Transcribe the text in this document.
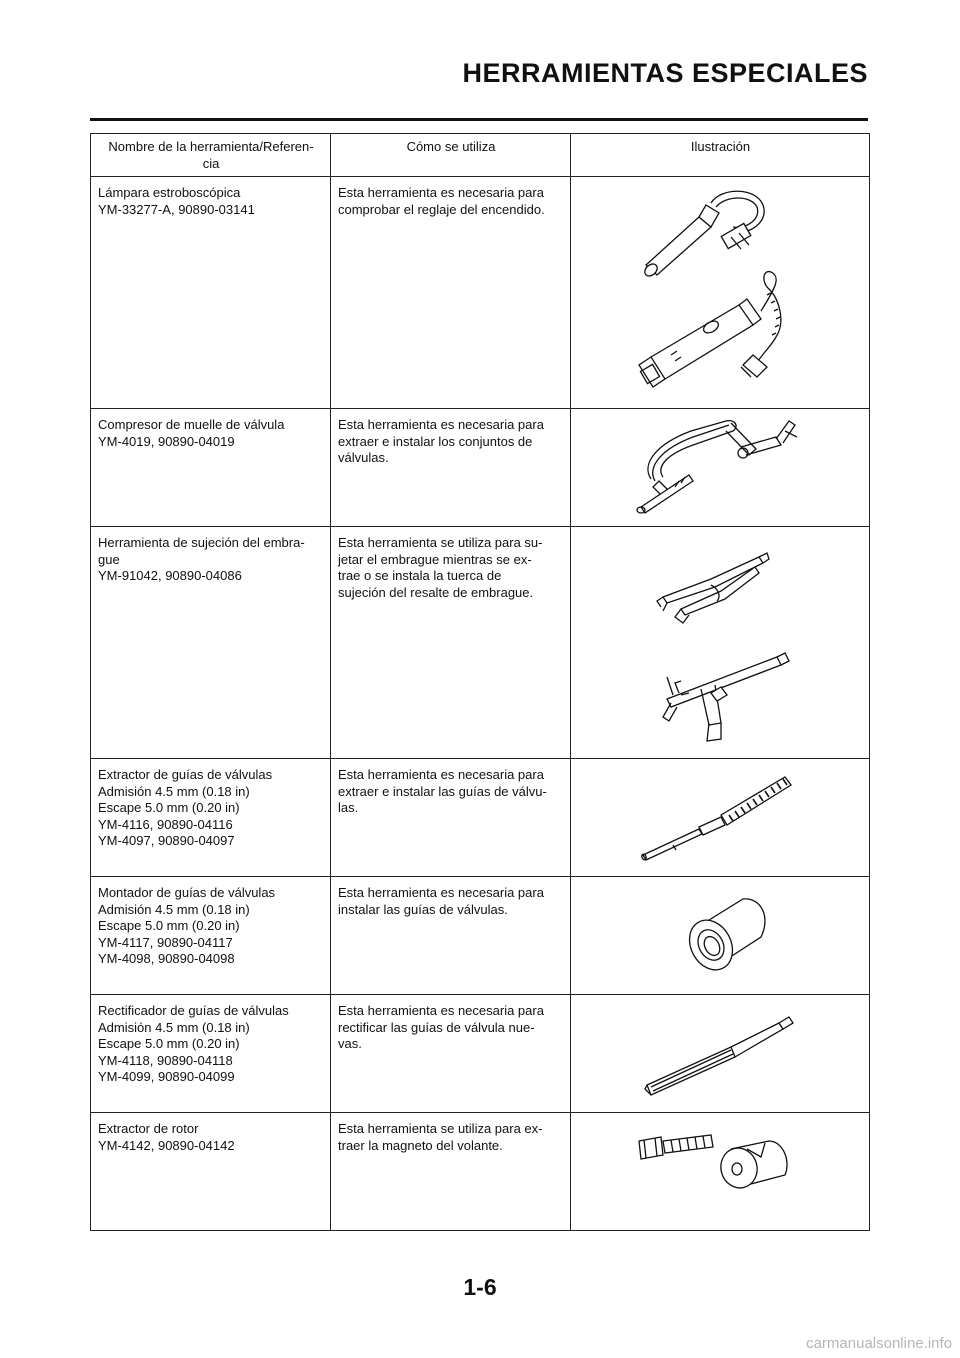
HERRAMIENTAS ESPECIALES
Nombre de la herramienta/Referen-
cia	Cómo se utiliza	Ilustración

Lámpara estroboscópica
YM-33277-A, 90890-03141	Esta herramienta es necesaria para
comprobar el reglaje del encendido.

Compresor de muelle de válvula
YM-4019, 90890-04019	Esta herramienta es necesaria para
extraer e instalar los conjuntos de
válvulas.

Herramienta de sujeción del embra-
gue
YM-91042, 90890-04086	Esta herramienta se utiliza para su-
jetar el embrague mientras se ex-
trae o se instala la tuerca de
sujeción del resalte de embrague.

Extractor de guías de válvulas
Admisión 4.5 mm (0.18 in)
Escape 5.0 mm (0.20 in)
YM-4116, 90890-04116
YM-4097, 90890-04097	Esta herramienta es necesaria para
extraer e instalar las guías de válvu-
las.

Montador de guías de válvulas
Admisión 4.5 mm (0.18 in)
Escape 5.0 mm (0.20 in)
YM-4117, 90890-04117
YM-4098, 90890-04098	Esta herramienta es necesaria para
instalar las guías de válvulas.

Rectificador de guías de válvulas
Admisión 4.5 mm (0.18 in)
Escape 5.0 mm (0.20 in)
YM-4118, 90890-04118
YM-4099, 90890-04099	Esta herramienta es necesaria para
rectificar las guías de válvula nue-
vas.

Extractor de rotor
YM-4142, 90890-04142	Esta herramienta se utiliza para ex-
traer la magneto del volante.

1-6
carmanualsonline.info
